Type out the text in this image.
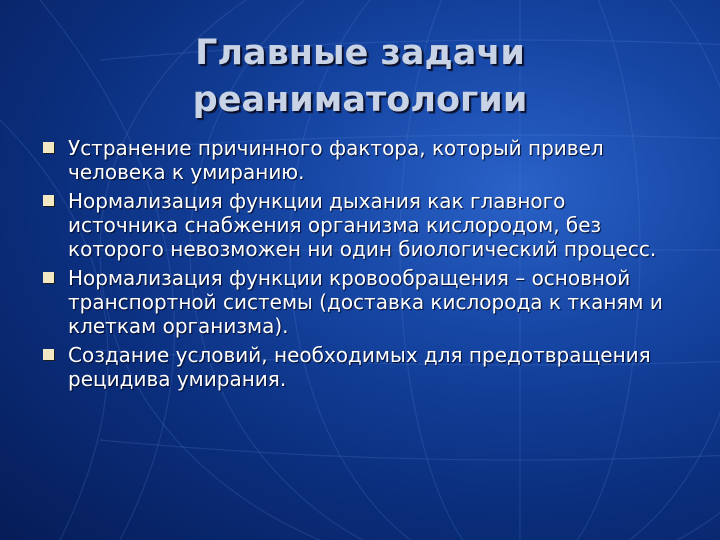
Главные задачи
реаниматологии
Устранение причинного фактора, который привел человека к умиранию.
Нормализация функции дыхания как главного источника снабжения организма кислородом, без которого невозможен ни один биологический процесс.
Нормализация функции кровообращения – основной транспортной системы (доставка кислорода к тканям и клеткам организма).
Создание условий, необходимых для предотвращения рецидива умирания.
